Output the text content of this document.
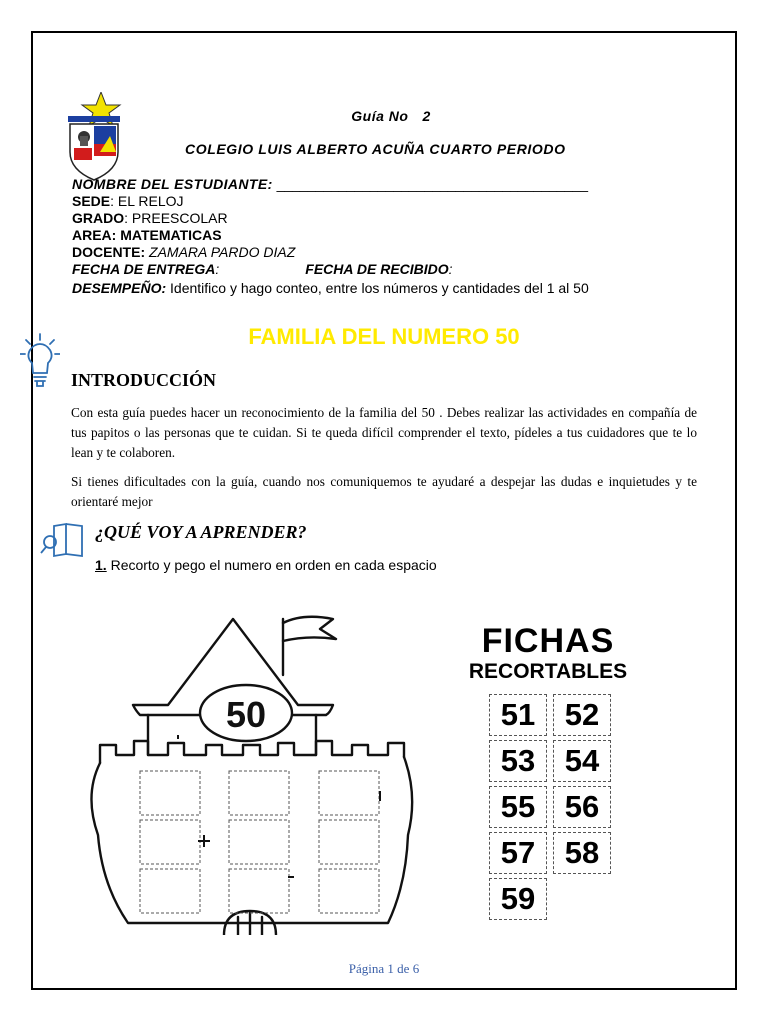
Guía No 2
COLEGIO LUIS ALBERTO ACUÑA CUARTO PERIODO
NOMBRE DEL ESTUDIANTE: ________________________________________
SEDE: EL RELOJ
GRADO: PREESCOLAR
AREA: MATEMATICAS
DOCENTE: ZAMARA PARDO DIAZ
FECHA DE ENTREGA:	FECHA DE RECIBIDO:
DESEMPEÑO: Identifico y hago conteo, entre los números y cantidades del 1 al 50
FAMILIA DEL NUMERO 50
INTRODUCCIÓN
Con esta guía puedes hacer un reconocimiento de la familia del 50 . Debes realizar las actividades en compañía de tus papitos o las personas que te cuidan. Si te queda difícil comprender el texto, pídeles a tus cuidadores que te lo lean y te colaboren.
Si tienes dificultades con la guía, cuando nos comuniquemos te ayudaré a despejar las dudas e inquietudes y te orientaré mejor
¿QUÉ VOY A APRENDER?
1. Recorto y pego el numero en orden en cada espacio
50
FICHAS
RECORTABLES
51 52
53 54
55 56
57 58
59
Página 1 de 6
